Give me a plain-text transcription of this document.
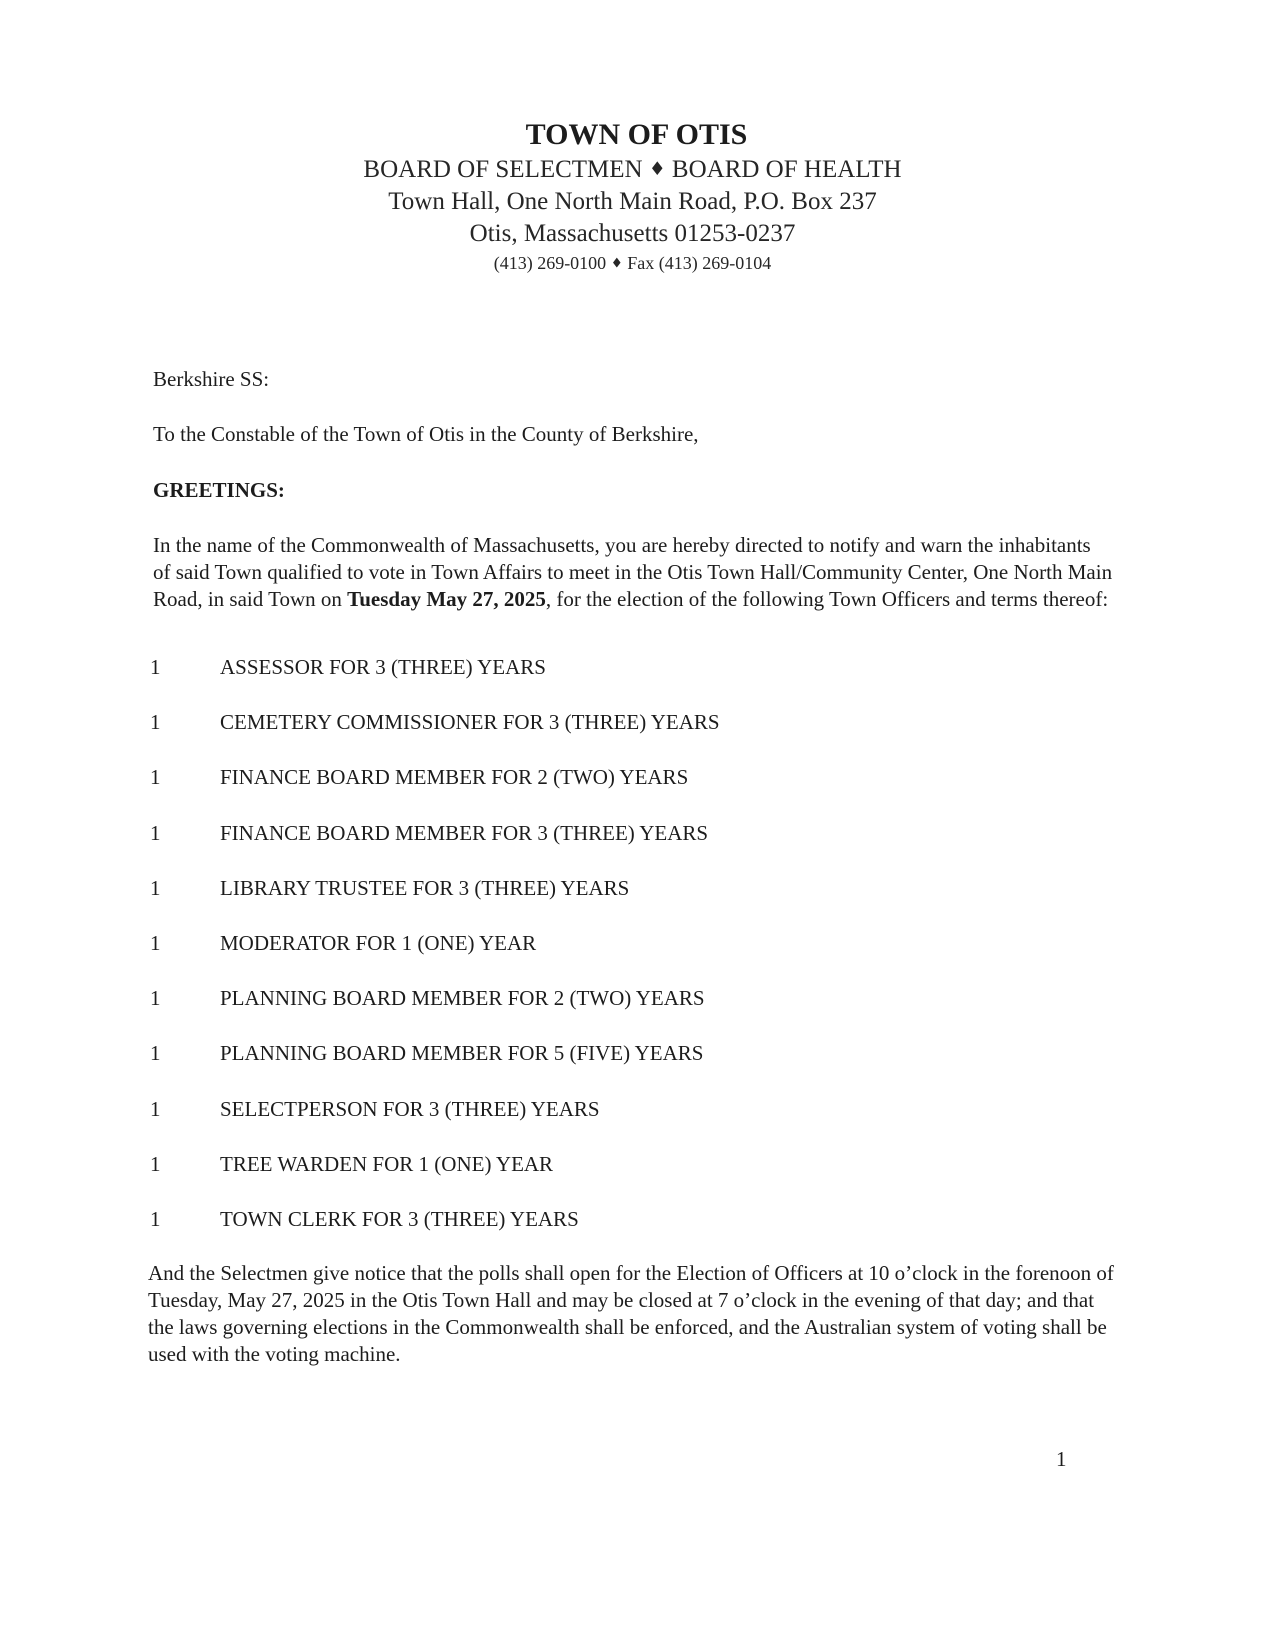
TOWN OF OTIS

BOARD OF SELECTMEN ♦ BOARD OF HEALTH

Town Hall, One North Main Road, P.O. Box 237

Otis, Massachusetts 01253-0237

(413) 269-0100 ♦ Fax (413) 269-0104

Berkshire SS:
To the Constable of the Town of Otis in the County of Berkshire,
GREETINGS:
In the name of the Commonwealth of Massachusetts, you are hereby directed to notify and warn the inhabitants of said Town qualified to vote in Town Affairs to meet in the Otis Town Hall/Community Center, One North Main Road, in said Town on Tuesday May 27, 2025, for the election of the following Town Officers and terms thereof:
1	ASSESSOR FOR 3 (THREE) YEARS
1	CEMETERY COMMISSIONER FOR 3 (THREE) YEARS
1	FINANCE BOARD MEMBER FOR 2 (TWO) YEARS
1	FINANCE BOARD MEMBER FOR 3 (THREE) YEARS
1	LIBRARY TRUSTEE FOR 3 (THREE) YEARS
1	MODERATOR FOR 1 (ONE) YEAR
1	PLANNING BOARD MEMBER FOR 2 (TWO) YEARS
1	PLANNING BOARD MEMBER FOR 5 (FIVE) YEARS
1	SELECTPERSON FOR 3 (THREE) YEARS
1	TREE WARDEN FOR 1 (ONE) YEAR
1	TOWN CLERK FOR 3 (THREE) YEARS
And the Selectmen give notice that the polls shall open for the Election of Officers at 10 o’clock in the forenoon of Tuesday, May 27, 2025 in the Otis Town Hall and may be closed at 7 o’clock in the evening of that day; and that the laws governing elections in the Commonwealth shall be enforced, and the Australian system of voting shall be used with the voting machine.
1
